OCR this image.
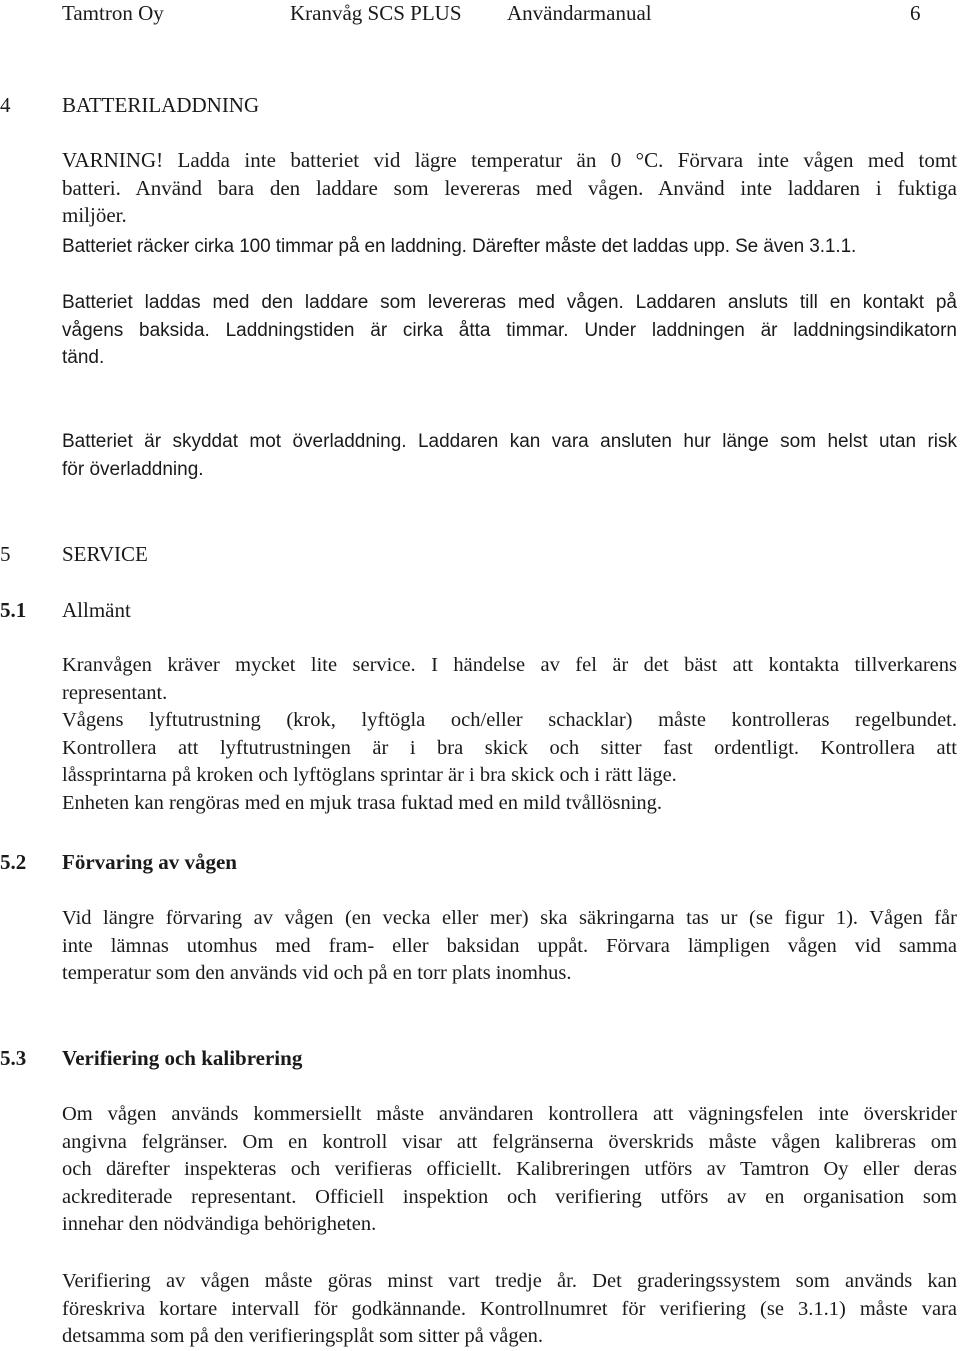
Tamtron Oy	Kranvåg SCS PLUS Användarmanual	6
4 BATTERILADDNING
VARNING! Ladda inte batteriet vid lägre temperatur än 0 °C. Förvara inte vågen med tomt
batteri. Använd bara den laddare som levereras med vågen. Använd inte laddaren i fuktiga
miljöer.
Batteriet räcker cirka 100 timmar på en laddning. Därefter måste det laddas upp. Se även 3.1.1.
Batteriet laddas med den laddare som levereras med vågen. Laddaren ansluts till en kontakt på
vågens baksida. Laddningstiden är cirka åtta timmar. Under laddningen är laddningsindikatorn
tänd.
Batteriet är skyddat mot överladdning. Laddaren kan vara ansluten hur länge som helst utan risk
för överladdning.
5 SERVICE
5.1 Allmänt
Kranvågen kräver mycket lite service. I händelse av fel är det bäst att kontakta tillverkarens
representant.
Vågens lyftutrustning (krok, lyftögla och/eller schacklar) måste kontrolleras regelbundet.
Kontrollera att lyftutrustningen är i bra skick och sitter fast ordentligt. Kontrollera att
låssprintarna på kroken och lyftöglans sprintar är i bra skick och i rätt läge.
Enheten kan rengöras med en mjuk trasa fuktad med en mild tvållösning.
5.2 Förvaring av vågen
Vid längre förvaring av vågen (en vecka eller mer) ska säkringarna tas ur (se figur 1). Vågen får
inte lämnas utomhus med fram- eller baksidan uppåt. Förvara lämpligen vågen vid samma
temperatur som den används vid och på en torr plats inomhus.
5.3 Verifiering och kalibrering
Om vågen används kommersiellt måste användaren kontrollera att vägningsfelen inte överskrider
angivna felgränser. Om en kontroll visar att felgränserna överskrids måste vågen kalibreras om
och därefter inspekteras och verifieras officiellt. Kalibreringen utförs av Tamtron Oy eller deras
ackrediterade representant. Officiell inspektion och verifiering utförs av en organisation som
innehar den nödvändiga behörigheten.
Verifiering av vågen måste göras minst vart tredje år. Det graderingssystem som används kan
föreskriva kortare intervall för godkännande. Kontrollnumret för verifiering (se 3.1.1) måste vara
detsamma som på den verifieringsplåt som sitter på vågen.
